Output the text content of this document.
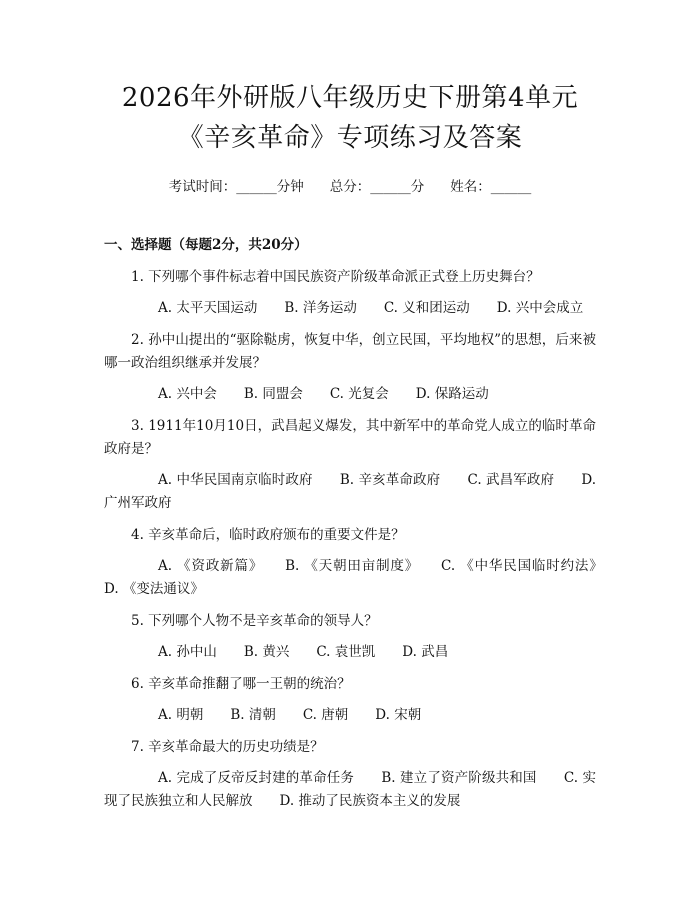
2026年外研版八年级历史下册第4单元《辛亥革命》专项练习及答案
考试时间：______分钟 总分：______分 姓名：______
一、选择题（每题2分，共20分）

1. 下列哪个事件标志着中国民族资产阶级革命派正式登上历史舞台？

A. 太平天国运动　　B. 洋务运动　　C. 义和团运动　　D. 兴中会成立

2. 孙中山提出的“驱除鞑虏，恢复中华，创立民国，平均地权”的思想，后来被哪一政治组织继承并发展？

A. 兴中会　　B. 同盟会　　C. 光复会　　D. 保路运动

3. 1911年10月10日，武昌起义爆发，其中新军中的革命党人成立的临时革命政府是？

A. 中华民国南京临时政府　　B. 辛亥革命政府　　C. 武昌军政府　　D. 广州军政府

4. 辛亥革命后，临时政府颁布的重要文件是？

A. 《资政新篇》　　B. 《天朝田亩制度》　　C. 《中华民国临时约法》　　D. 《变法通议》

5. 下列哪个人物不是辛亥革命的领导人？

A. 孙中山　　B. 黄兴　　C. 袁世凯　　D. 武昌

6. 辛亥革命推翻了哪一王朝的统治？

A. 明朝　　B. 清朝　　C. 唐朝　　D. 宋朝

7. 辛亥革命最大的历史功绩是？

A. 完成了反帝反封建的革命任务　　B. 建立了资产阶级共和国　　C. 实现了民族独立和人民解放　　D. 推动了民族资本主义的发展
